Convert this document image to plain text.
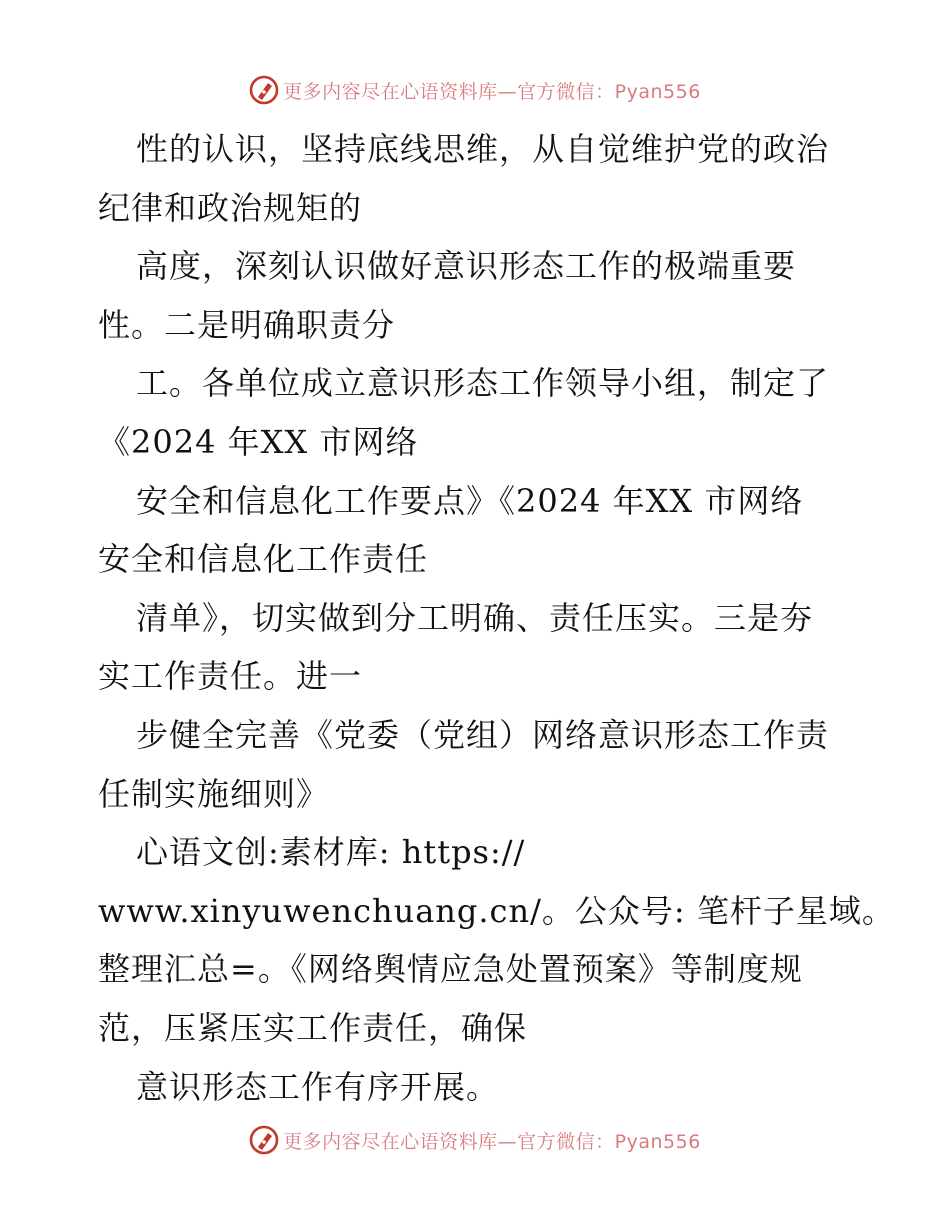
更多内容尽在心语资料库—官方微信：Pyan556
性的认识，坚持底线思维，从自觉维护党的政治
纪律和政治规矩的
高度，深刻认识做好意识形态工作的极端重要
性。二是明确职责分
工。各单位成立意识形态工作领导小组，制定了
《2024 年XX 市网络
安全和信息化工作要点》《2024 年XX 市网络
安全和信息化工作责任
清单》，切实做到分工明确、责任压实。三是夯
实工作责任。进一
步健全完善《党委（党组）网络意识形态工作责
任制实施细则》
心语文创:素材库: https://
www.xinyuwenchuang.cn/。公众号: 笔杆子星域。
整理汇总=。《网络舆情应急处置预案》等制度规
范，压紧压实工作责任，确保
意识形态工作有序开展。
更多内容尽在心语资料库—官方微信：Pyan556
